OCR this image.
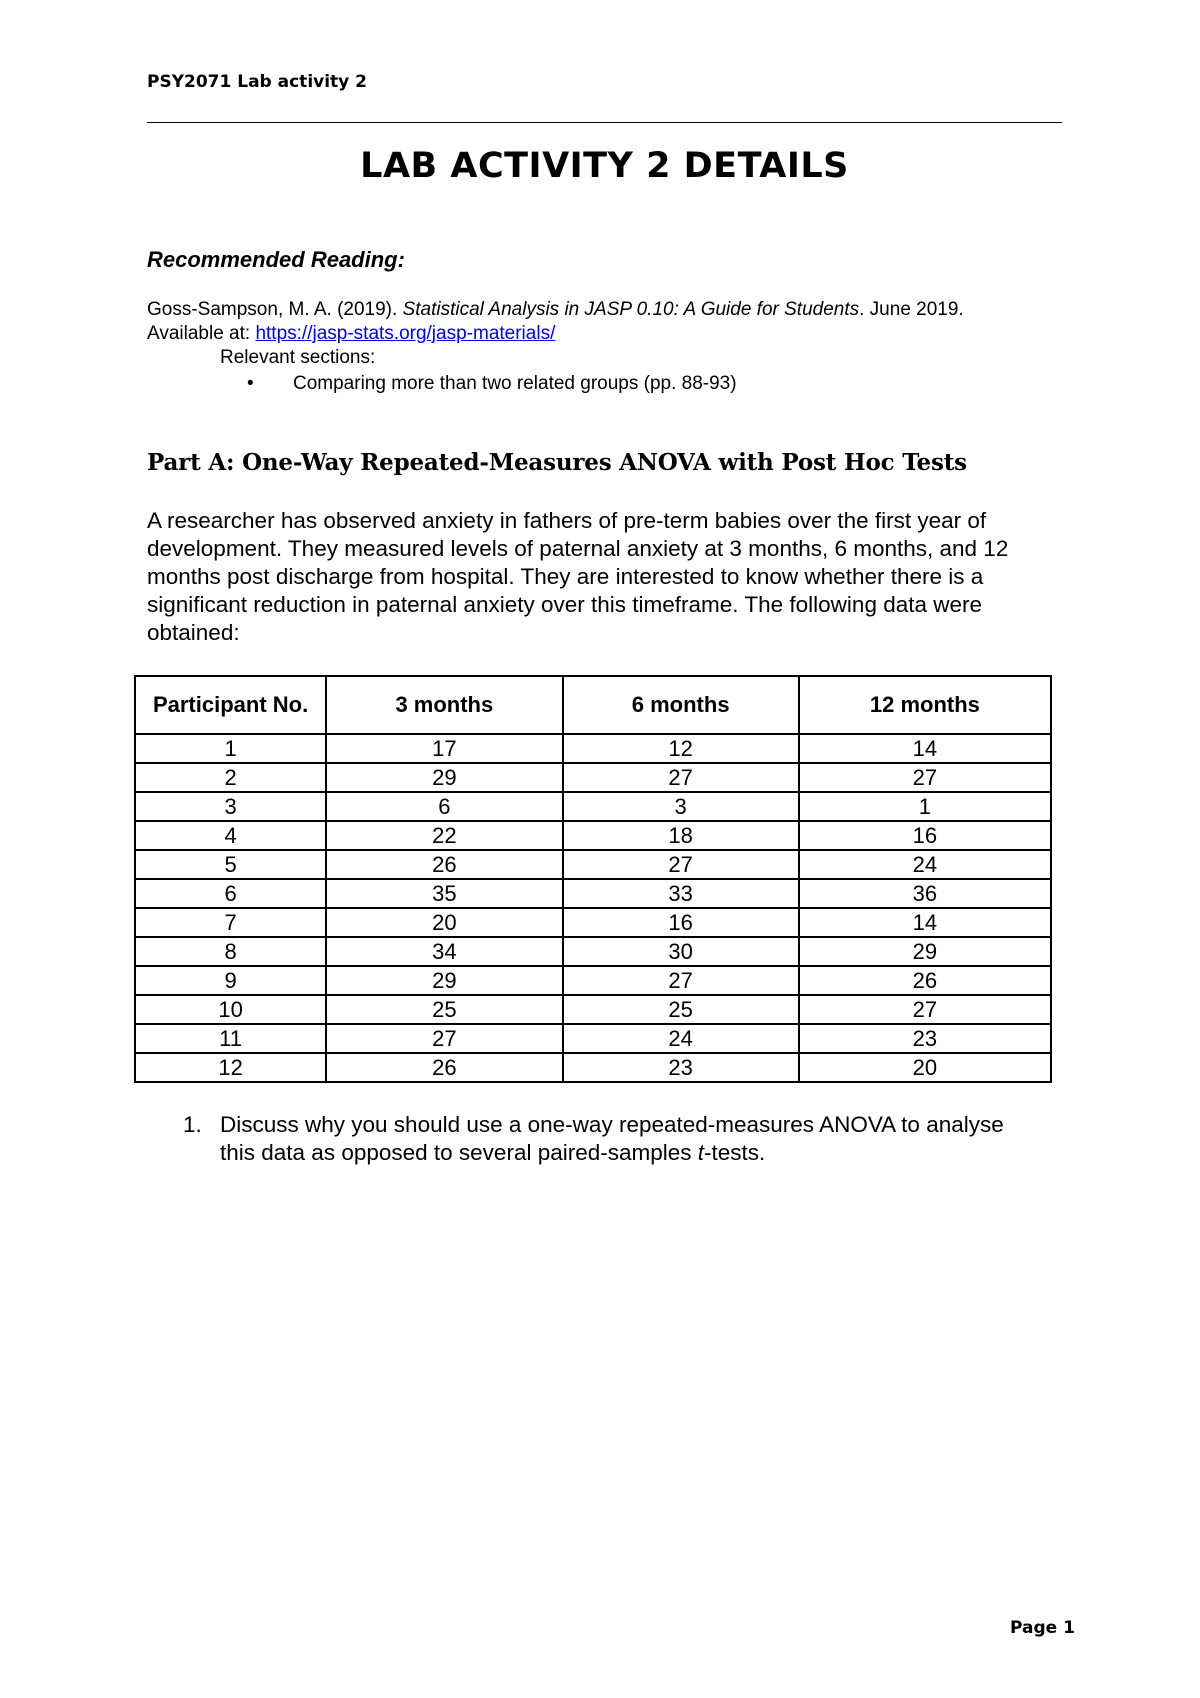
PSY2071 Lab activity 2
LAB ACTIVITY 2 DETAILS
Recommended Reading:
Goss-Sampson, M. A. (2019). Statistical Analysis in JASP 0.10: A Guide for Students. June 2019.
Available at: https://jasp-stats.org/jasp-materials/
Relevant sections:
•	Comparing more than two related groups (pp. 88-93)
Part A: One-Way Repeated-Measures ANOVA with Post Hoc Tests
A researcher has observed anxiety in fathers of pre-term babies over the first year of development. They measured levels of paternal anxiety at 3 months, 6 months, and 12 months post discharge from hospital. They are interested to know whether there is a significant reduction in paternal anxiety over this timeframe. The following data were obtained:
Participant No.	3 months	6 months	12 months
1	17	12	14
2	29	27	27
3	6	3	1
4	22	18	16
5	26	27	24
6	35	33	36
7	20	16	14
8	34	30	29
9	29	27	26
10	25	25	27
11	27	24	23
12	26	23	20
1. Discuss why you should use a one-way repeated-measures ANOVA to analyse this data as opposed to several paired-samples t-tests.
Page 1
